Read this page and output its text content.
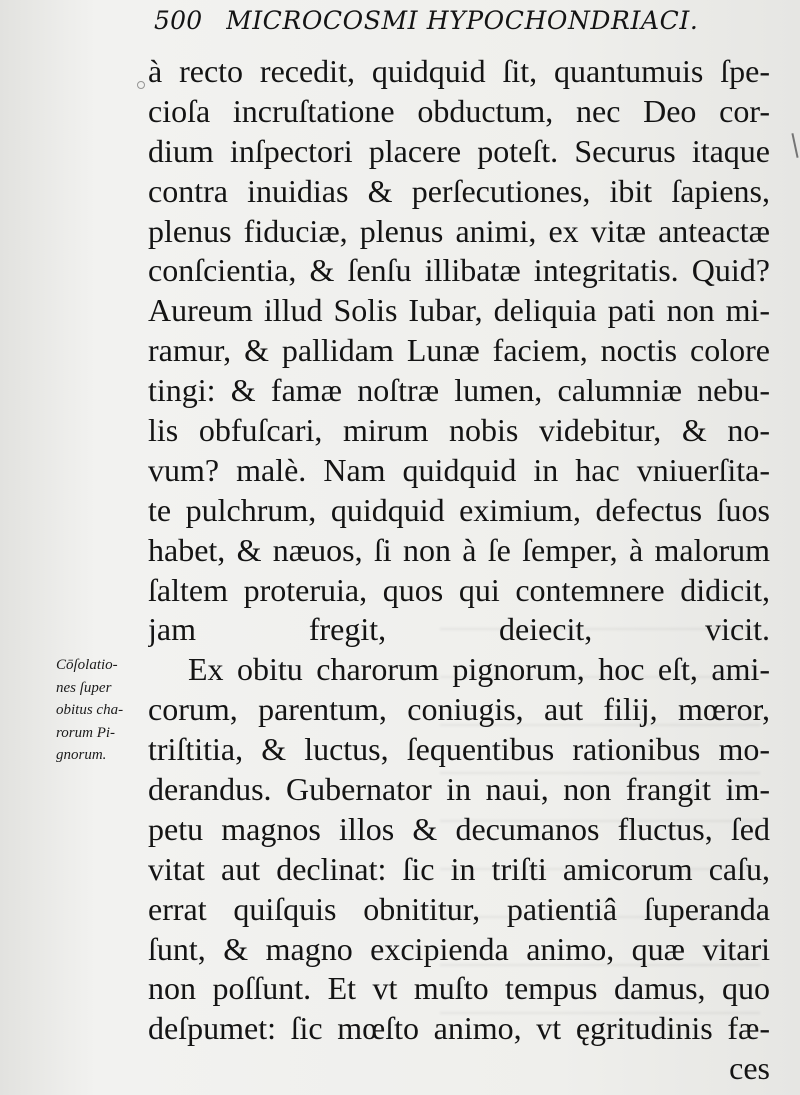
500 MICROCOSMI HYPOCHONDRIACI.
Cōſolatio-
nes ſuper
obitus cha-
rorum Pi-
gnorum.
à recto recedit, quidquid ſit, quantumuis ſpe-
cioſa incruſtatione obductum, nec Deo cor-
dium inſpectori placere poteſt. Securus itaque
contra inuidias & perſecutiones, ibit ſapiens,
plenus fiduciæ, plenus animi, ex vitæ anteactæ
conſcientia, & ſenſu illibatæ integritatis. Quid?
Aureum illud Solis Iubar, deliquia pati non mi-
ramur, & pallidam Lunæ faciem, noctis colore
tingi: & famæ noſtræ lumen, calumniæ nebu-
lis obfuſcari, mirum nobis videbitur, & no-
vum? malè. Nam quidquid in hac vniuerſita-
te pulchrum, quidquid eximium, defectus ſuos
habet, & næuos, ſi non à ſe ſemper, à malorum
ſaltem proteruia, quos qui contemnere didicit,
jam fregit, deiecit, vicit.
Ex obitu charorum pignorum, hoc eſt, ami-
corum, parentum, coniugis, aut filij, mœror,
triſtitia, & luctus, ſequentibus rationibus mo-
derandus. Gubernator in naui, non frangit im-
petu magnos illos & decumanos fluctus, ſed
vitat aut declinat: ſic in triſti amicorum caſu,
errat quiſquis obnititur, patientiâ ſuperanda
ſunt, & magno excipienda animo, quæ vitari
non poſſunt. Et vt muſto tempus damus, quo
deſpumet: ſic mœſto animo, vt ęgritudinis fæ-
ces
